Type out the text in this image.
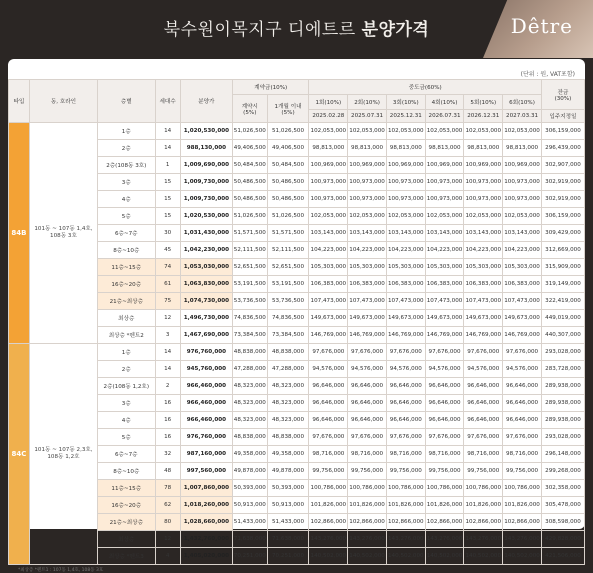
북수원이목지구 디에트르 분양가격	Dêtre
(단위 : 원, VAT포함)
타입	동, 호라인	층별	세대수	분양가	계약금(10%)		중도금(60%)						잔금
(30%)
					계약시
(5%)	1개월 이내
(5%)	1회(10%)	2회(10%)	3회(10%)	4회(10%)	5회(10%)	6회(10%)	
							2025.02.28	2025.07.31	2025.12.31	2026.07.31	2026.12.31	2027.03.31	입주지정일
84B	101동 ~ 107동 1,4호, 108동 3호	1층	14	1,020,530,000	51,026,500	51,026,500	102,053,000	102,053,000	102,053,000	102,053,000	102,053,000	102,053,000	306,159,000
		2층	14	988,130,000	49,406,500	49,406,500	98,813,000	98,813,000	98,813,000	98,813,000	98,813,000	98,813,000	296,439,000
		2층(108동 3호)	1	1,009,690,000	50,484,500	50,484,500	100,969,000	100,969,000	100,969,000	100,969,000	100,969,000	100,969,000	302,907,000
		3층	15	1,009,730,000	50,486,500	50,486,500	100,973,000	100,973,000	100,973,000	100,973,000	100,973,000	100,973,000	302,919,000
		4층	15	1,009,730,000	50,486,500	50,486,500	100,973,000	100,973,000	100,973,000	100,973,000	100,973,000	100,973,000	302,919,000
		5층	15	1,020,530,000	51,026,500	51,026,500	102,053,000	102,053,000	102,053,000	102,053,000	102,053,000	102,053,000	306,159,000
		6층~7층	30	1,031,430,000	51,571,500	51,571,500	103,143,000	103,143,000	103,143,000	103,143,000	103,143,000	103,143,000	309,429,000
		8층~10층	45	1,042,230,000	52,111,500	52,111,500	104,223,000	104,223,000	104,223,000	104,223,000	104,223,000	104,223,000	312,669,000
		11층~15층	74	1,053,030,000	52,651,500	52,651,500	105,303,000	105,303,000	105,303,000	105,303,000	105,303,000	105,303,000	315,909,000
		16층~20층	61	1,063,830,000	53,191,500	53,191,500	106,383,000	106,383,000	106,383,000	106,383,000	106,383,000	106,383,000	319,149,000
		21층~최상층	75	1,074,730,000	53,736,500	53,736,500	107,473,000	107,473,000	107,473,000	107,473,000	107,473,000	107,473,000	322,419,000
		최상층	12	1,496,730,000	74,836,500	74,836,500	149,673,000	149,673,000	149,673,000	149,673,000	149,673,000	149,673,000	449,019,000
		최상층 *펜트2	3	1,467,690,000	73,384,500	73,384,500	146,769,000	146,769,000	146,769,000	146,769,000	146,769,000	146,769,000	440,307,000
84C	101동 ~ 107동 2,3호, 108동 1,2호	1층	14	976,760,000	48,838,000	48,838,000	97,676,000	97,676,000	97,676,000	97,676,000	97,676,000	97,676,000	293,028,000
		2층	14	945,760,000	47,288,000	47,288,000	94,576,000	94,576,000	94,576,000	94,576,000	94,576,000	94,576,000	283,728,000
		2층(108동 1,2호)	2	966,460,000	48,323,000	48,323,000	96,646,000	96,646,000	96,646,000	96,646,000	96,646,000	96,646,000	289,938,000
		3층	16	966,460,000	48,323,000	48,323,000	96,646,000	96,646,000	96,646,000	96,646,000	96,646,000	96,646,000	289,938,000
		4층	16	966,460,000	48,323,000	48,323,000	96,646,000	96,646,000	96,646,000	96,646,000	96,646,000	96,646,000	289,938,000
		5층	16	976,760,000	48,838,000	48,838,000	97,676,000	97,676,000	97,676,000	97,676,000	97,676,000	97,676,000	293,028,000
		6층~7층	32	987,160,000	49,358,000	49,358,000	98,716,000	98,716,000	98,716,000	98,716,000	98,716,000	98,716,000	296,148,000
		8층~10층	48	997,560,000	49,878,000	49,878,000	99,756,000	99,756,000	99,756,000	99,756,000	99,756,000	99,756,000	299,268,000
		11층~15층	78	1,007,860,000	50,393,000	50,393,000	100,786,000	100,786,000	100,786,000	100,786,000	100,786,000	100,786,000	302,358,000
		16층~20층	62	1,018,260,000	50,913,000	50,913,000	101,826,000	101,826,000	101,826,000	101,826,000	101,826,000	101,826,000	305,478,000
		21층~최상층	80	1,028,660,000	51,433,000	51,433,000	102,866,000	102,866,000	102,866,000	102,866,000	102,866,000	102,866,000	308,598,000
		최상층	12	1,432,760,000	71,638,000	71,638,000	143,276,000	143,276,000	143,276,000	143,276,000	143,276,000	143,276,000	429,828,000
		최상층 *펜트3	4	1,405,020,000	70,251,000	70,251,000	140,502,000	140,502,000	140,502,000	140,502,000	140,502,000	140,502,000	421,506,000
*최상층 *펜트1 : 107동 1,4호, 108동 3호
